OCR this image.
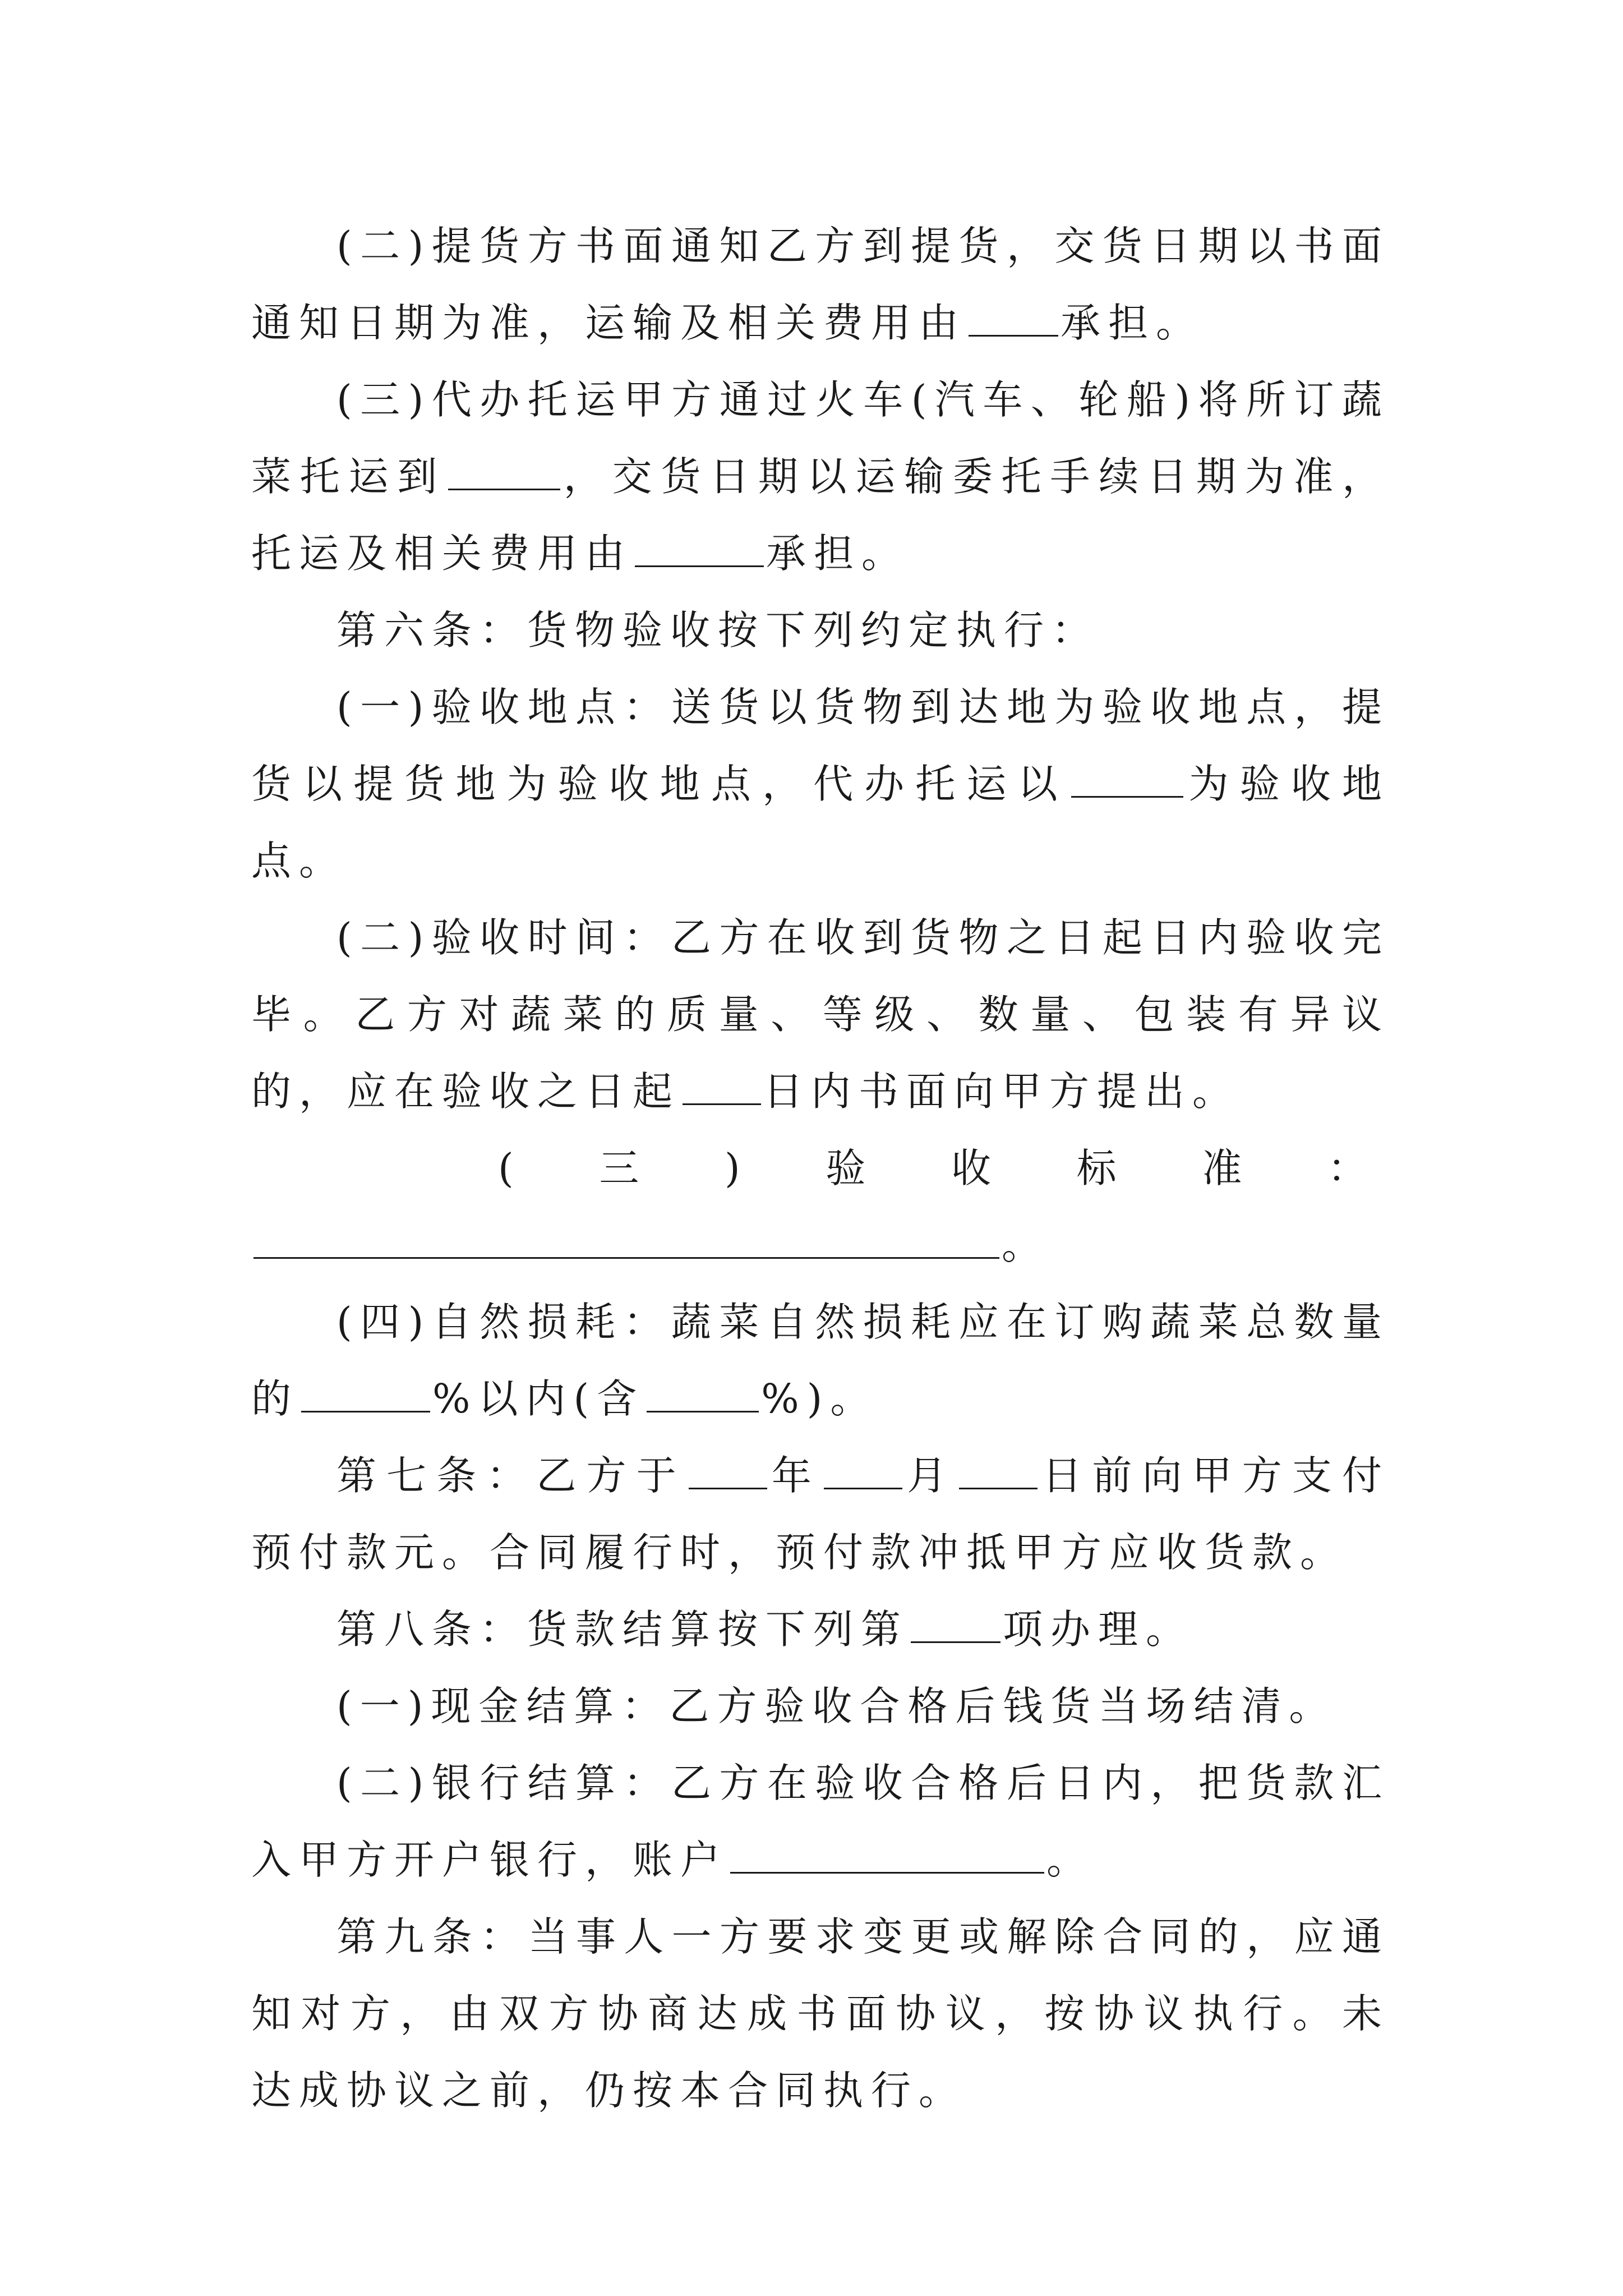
(二)提货方书面通知乙方到提货，交货日期以书面通知日期为准，运输及相关费用由 承担。

(三)代办托运甲方通过火车(汽车、轮船)将所订蔬菜托运到	，交货日期以运输委托手续日期为准，托运及相关费用由	承担。

第六条：货物验收按下列约定执行：

(一)验收地点：送货以货物到达地为验收地点，提货以提货地为验收地点，代办托运以	为验收地点。

(二)验收时间：乙方在收到货物之日起日内验收完毕。乙方对蔬菜的质量、等级、数量、包装有异议的，应在验收之日起 日内书面向甲方提出。

( 三 ) 验 收 标 准 ：

。

(四)自然损耗：蔬菜自然损耗应在订购蔬菜总数量的	%以内(含	%)。

第七条：乙方于 年 月 日前向甲方支付预付款元。合同履行时，预付款冲抵甲方应收货款。

第八条：货款结算按下列第 项办理。

(一)现金结算：乙方验收合格后钱货当场结清。

(二)银行结算：乙方在验收合格后日内，把货款汇入甲方开户银行，账户	。

第九条：当事人一方要求变更或解除合同的，应通知对方，由双方协商达成书面协议，按协议执行。未达成协议之前，仍按本合同执行。
